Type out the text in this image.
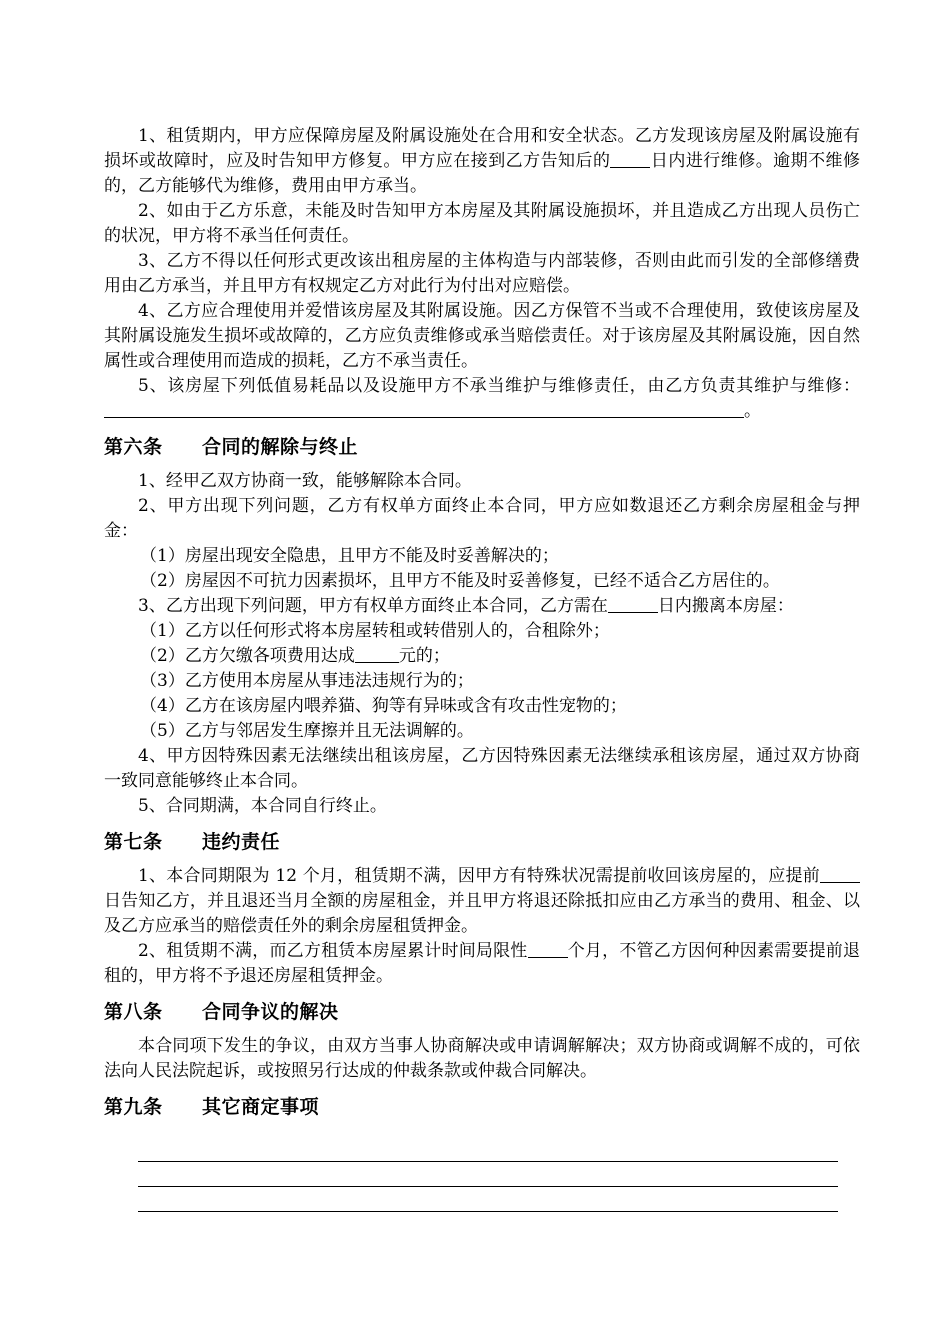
1、租赁期内，甲方应保障房屋及附属设施处在合用和安全状态。乙方发现该房屋及附属设施有损坏或故障时，应及时告知甲方修复。甲方应在接到乙方告知后的 日内进行维修。逾期不维修的，乙方能够代为维修，费用由甲方承当。

2、如由于乙方乐意，未能及时告知甲方本房屋及其附属设施损坏，并且造成乙方出现人员伤亡的状况，甲方将不承当任何责任。

3、乙方不得以任何形式更改该出租房屋的主体构造与内部装修，否则由此而引发的全部修缮费用由乙方承当，并且甲方有权规定乙方对此行为付出对应赔偿。

4、乙方应合理使用并爱惜该房屋及其附属设施。因乙方保管不当或不合理使用，致使该房屋及其附属设施发生损坏或故障的，乙方应负责维修或承当赔偿责任。对于该房屋及其附属设施，因自然属性或合理使用而造成的损耗，乙方不承当责任。

5、该房屋下列低值易耗品以及设施甲方不承当维护与维修责任，由乙方负责其维护与维修：。

第六条 合同的解除与终止

1、经甲乙双方协商一致，能够解除本合同。

2、甲方出现下列问题，乙方有权单方面终止本合同，甲方应如数退还乙方剩余房屋租金与押金：

（1）房屋出现安全隐患，且甲方不能及时妥善解决的；

（2）房屋因不可抗力因素损坏，且甲方不能及时妥善修复，已经不适合乙方居住的。

3、乙方出现下列问题，甲方有权单方面终止本合同，乙方需在	日内搬离本房屋：

（1）乙方以任何形式将本房屋转租或转借别人的，合租除外；

（2）乙方欠缴各项费用达成	元的；

（3）乙方使用本房屋从事违法违规行为的；

（4）乙方在该房屋内喂养猫、狗等有异味或含有攻击性宠物的；

（5）乙方与邻居发生摩擦并且无法调解的。

4、甲方因特殊因素无法继续出租该房屋，乙方因特殊因素无法继续承租该房屋，通过双方协商一致同意能够终止本合同。

5、合同期满，本合同自行终止。

第七条 违约责任

1、本合同期限为 12 个月，租赁期不满，因甲方有特殊状况需提前收回该房屋的，应提前日告知乙方，并且退还当月全额的房屋租金，并且甲方将退还除抵扣应由乙方承当的费用、租金、以及乙方应承当的赔偿责任外的剩余房屋租赁押金。

2、租赁期不满，而乙方租赁本房屋累计时间局限性 个月，不管乙方因何种因素需要提前退租的，甲方将不予退还房屋租赁押金。

第八条 合同争议的解决

本合同项下发生的争议，由双方当事人协商解决或申请调解解决；双方协商或调解不成的，可依法向人民法院起诉，或按照另行达成的仲裁条款或仲裁合同解决。

第九条 其它商定事项
